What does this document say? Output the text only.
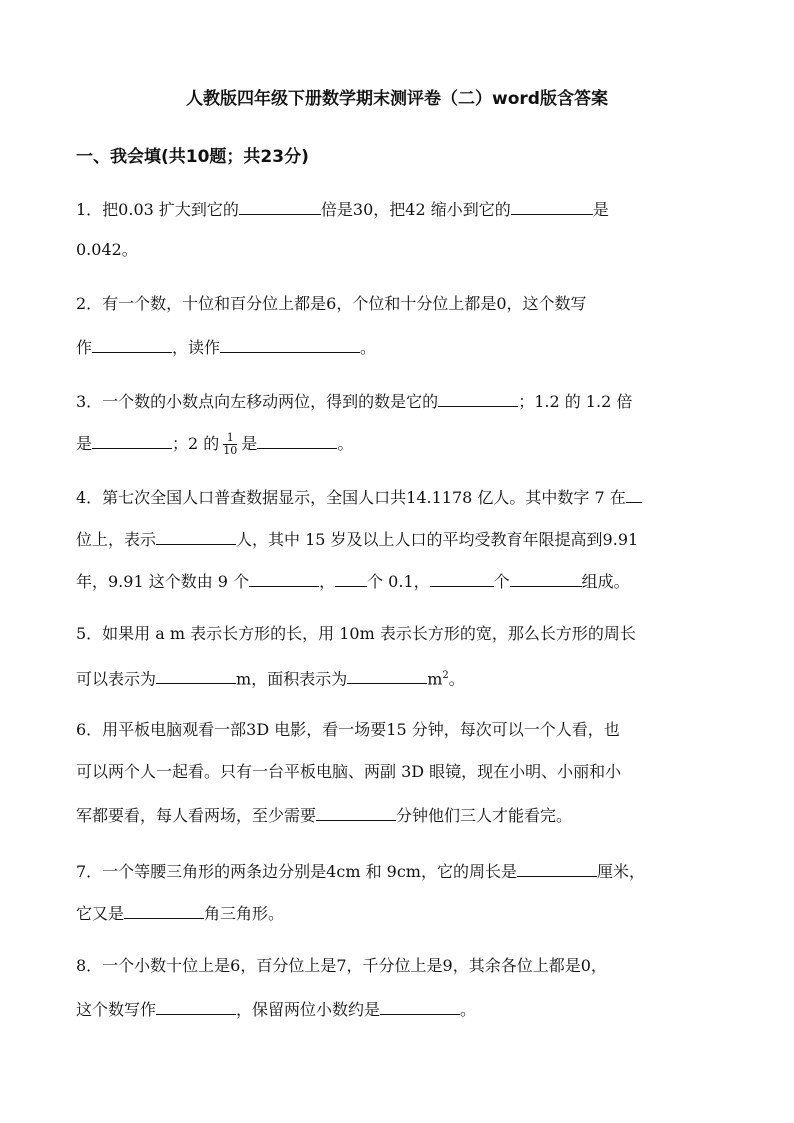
人教版四年级下册数学期末测评卷（二）word版含答案
一、我会填(共10题；共23分)
1．把0.03 扩大到它的	倍是30，把42 缩小到它的	是
0.042。
2．有一个数，十位和百分位上都是6，个位和十分位上都是0，这个数写
作	，读作	。
3．一个数的小数点向左移动两位，得到的数是它的	；1.2 的 1.2 倍
是	；2 的 $\frac{1}{10}$ 是	。
4．第七次全国人口普查数据显示，全国人口共14.1178 亿人。其中数字 7 在
位上，表示	人，其中 15 岁及以上人口的平均受教育年限提高到9.91
年，9.91 这个数由 9 个	， 个 0.1，	个	组成。
5．如果用 a m 表示长方形的长，用 10m 表示长方形的宽，那么长方形的周长
可以表示为	m，面积表示为	$m^2$。
6．用平板电脑观看一部3D 电影，看一场要15 分钟，每次可以一个人看，也
可以两个人一起看。只有一台平板电脑、两副 3D 眼镜，现在小明、小丽和小
军都要看，每人看两场，至少需要	分钟他们三人才能看完。
7．一个等腰三角形的两条边分别是4cm 和 9cm，它的周长是	厘米，
它又是	角三角形。
8．一个小数十位上是6，百分位上是7，千分位上是9，其余各位上都是0，
这个数写作	，保留两位小数约是	。
